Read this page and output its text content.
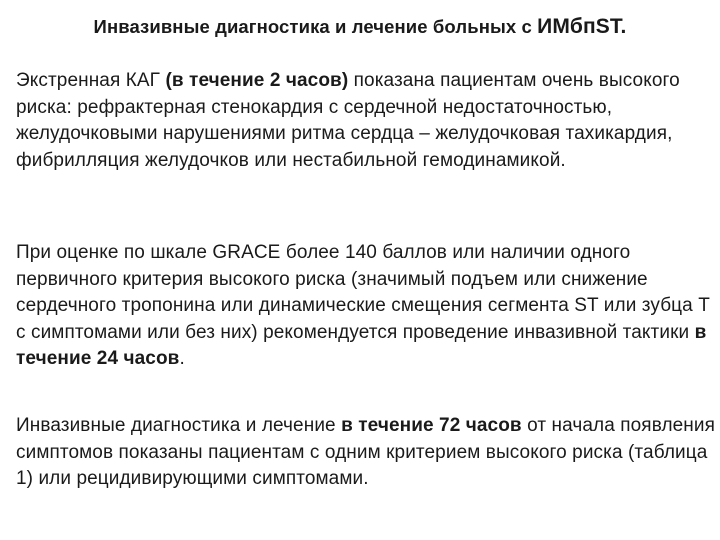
Инвазивные диагностика и лечение больных с ИМбпST.

Экстренная КАГ (в течение 2 часов) показана пациентам очень высокого риска: рефрактерная стенокардия с сердечной недостаточностью, желудочковыми нарушениями ритма сердца – желудочковая тахикардия, фибрилляция желудочков или нестабильной гемодинамикой.

При оценке по шкале GRACE более 140 баллов или наличии одного первичного критерия высокого риска (значимый подъем или снижение сердечного тропонина или динамические смещения сегмента ST или зубца Т с симптомами или без них) рекомендуется проведение инвазивной тактики в течение 24 часов.

Инвазивные диагностика и лечение в течение 72 часов от начала появления симптомов показаны пациентам с одним критерием высокого риска (таблица 1) или рецидивирующими симптомами.
